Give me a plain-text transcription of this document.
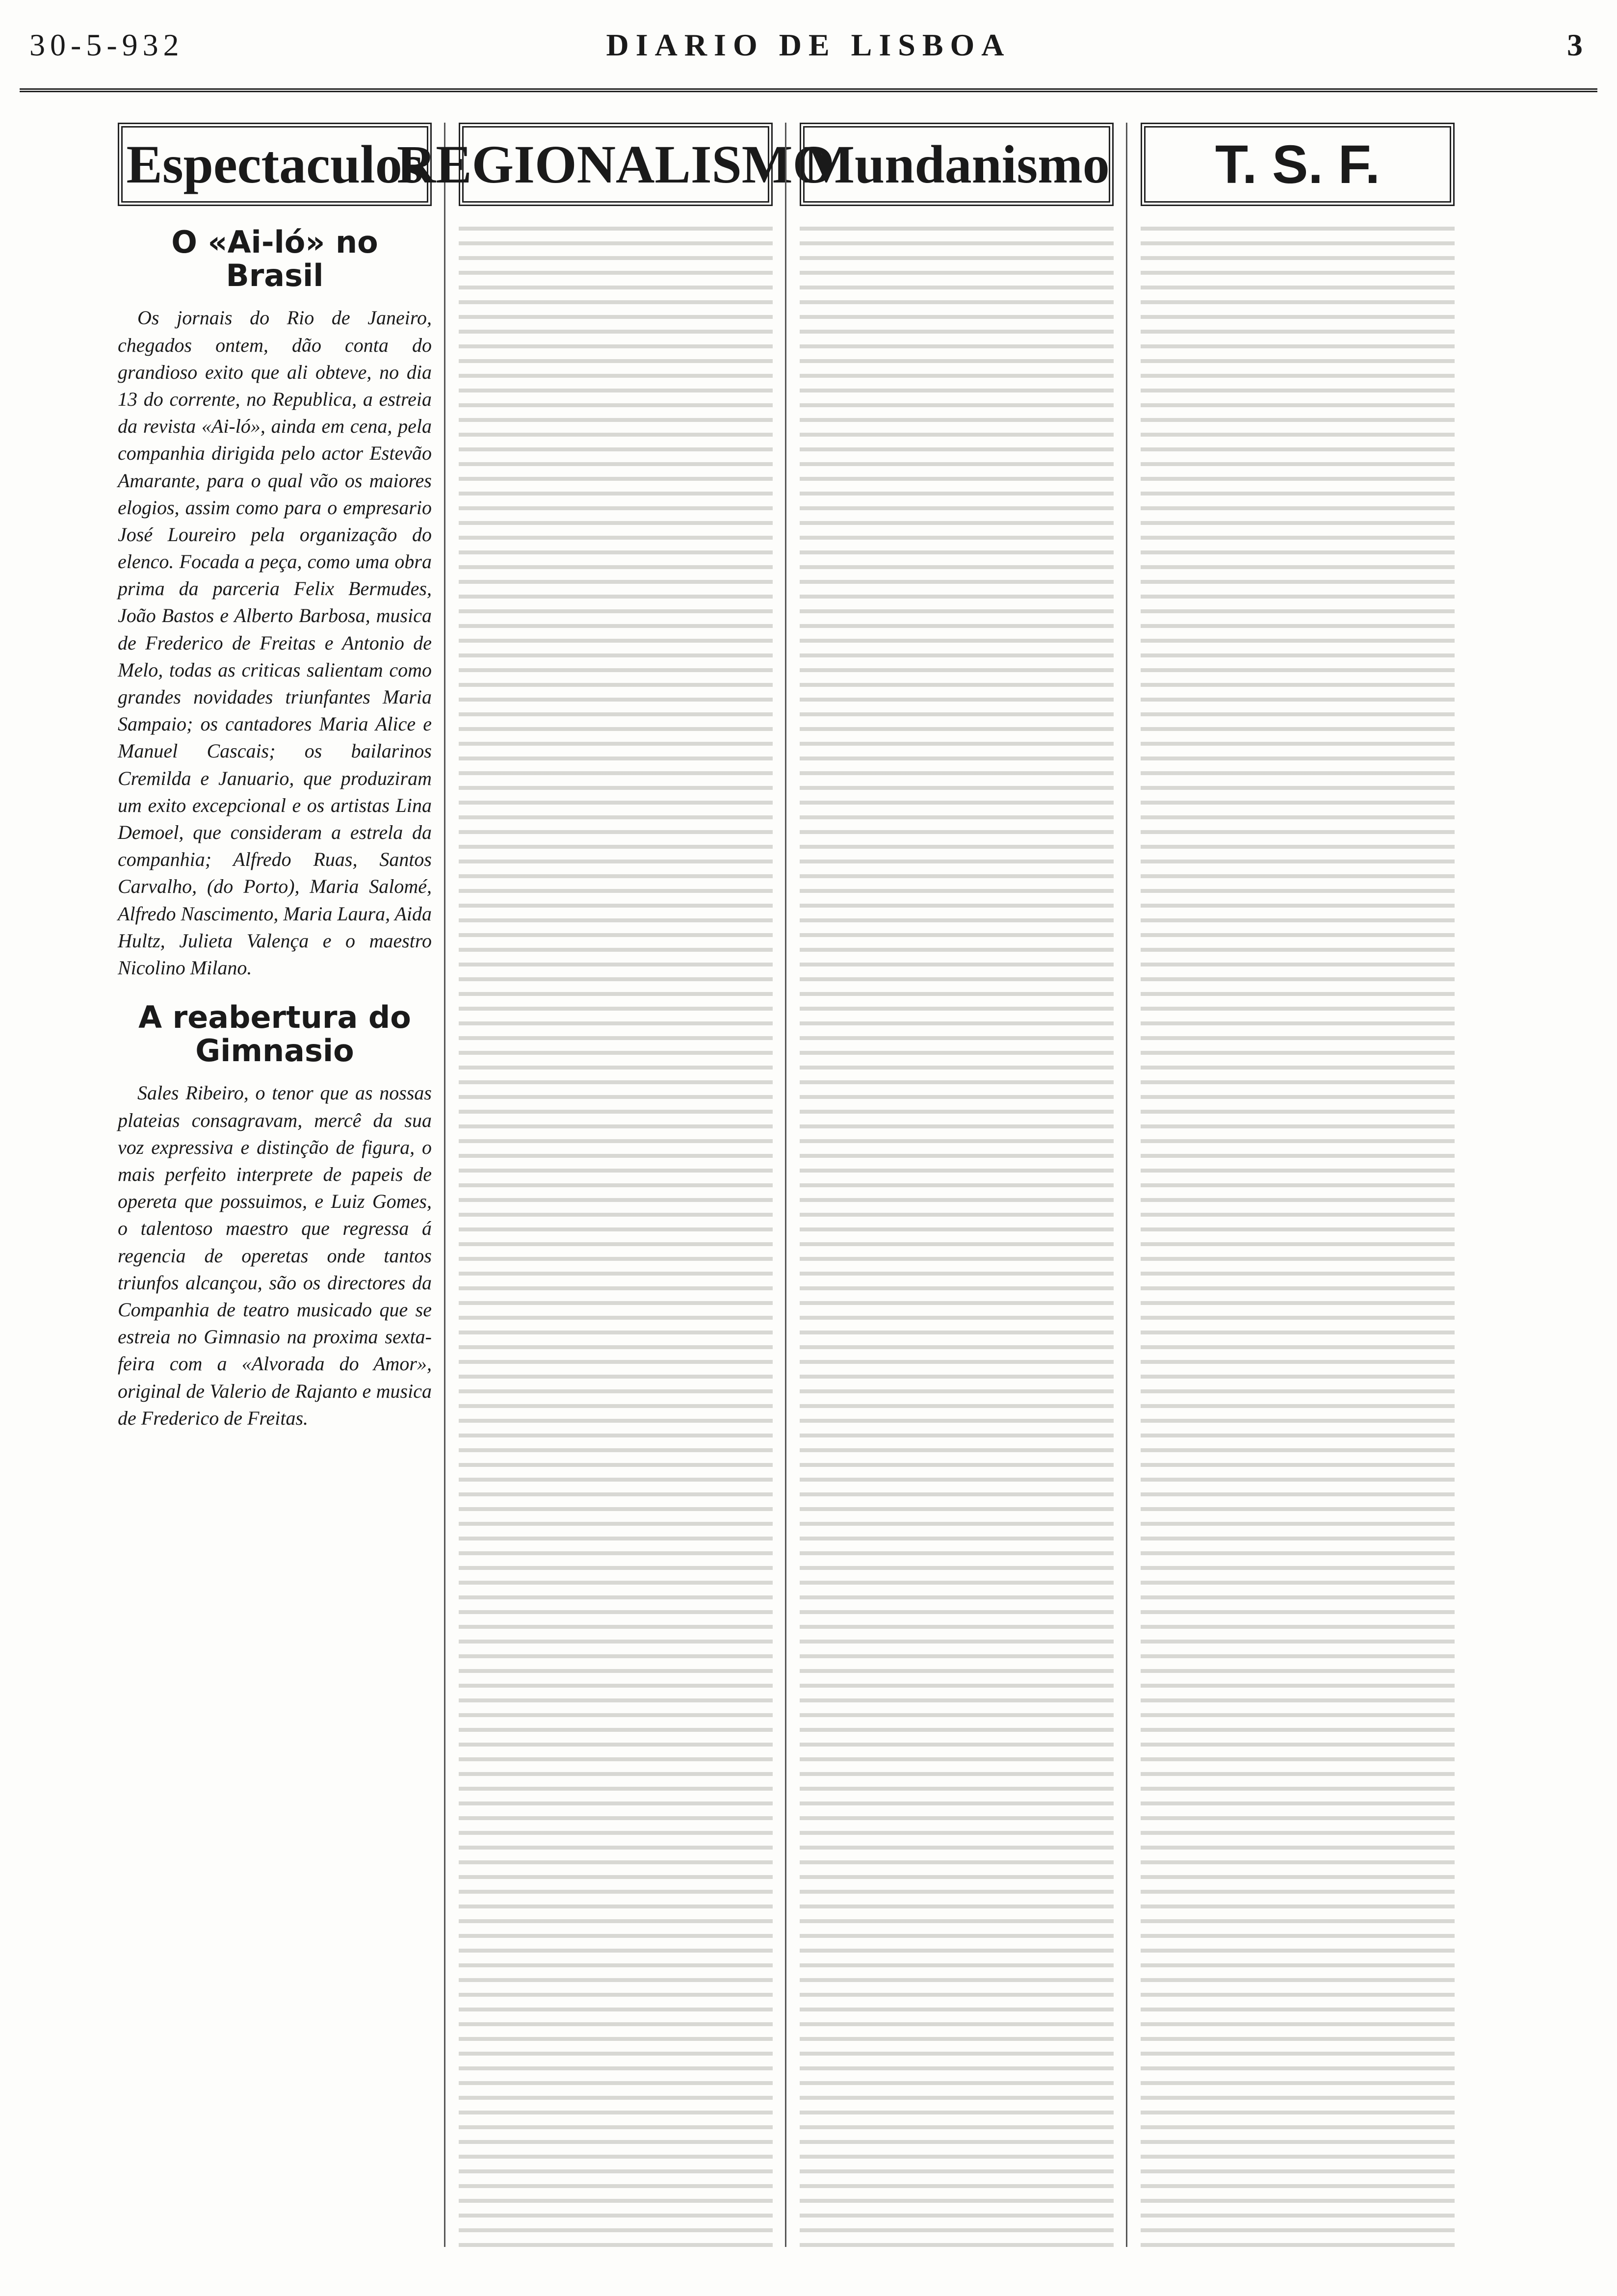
30-5-932	DIARIO DE LISBOA	3
Espectaculos
O «Ai-ló» no Brasil

Os jornais do Rio de Janeiro, chegados ontem, dão conta do grandioso exito que ali obteve, no dia 13 do corrente, no Republica, a estreia da revista «Ai-ló», ainda em cena, pela companhia dirigida pelo actor Estevão Amarante, para o qual vão os maiores elogios, assim como para o empresario José Loureiro pela organização do elenco. Focada a peça, como uma obra prima da parceria Felix Bermudes, João Bastos e Alberto Barbosa, musica de Frederico de Freitas e Antonio de Melo, todas as criticas salientam como grandes novidades triunfantes Maria Sampaio; os cantadores Maria Alice e Manuel Cascais; os bailarinos Cremilda e Januario, que produziram um exito excepcional e os artistas Lina Demoel, que consideram a estrela da companhia; Alfredo Ruas, Santos Carvalho, (do Porto), Maria Salomé, Alfredo Nascimento, Maria Laura, Aida Hultz, Julieta Valença e o maestro Nicolino Milano.

A reabertura do Gimnasio

Sales Ribeiro, o tenor que as nossas plateias consagravam, mercê da sua voz expressiva e distinção de figura, o mais perfeito interprete de papeis de opereta que possuimos, e Luiz Gomes, o talentoso maestro que regressa á regencia de operetas onde tantos triunfos alcançou, são os directores da Companhia de teatro musicado que se estreia no Gimnasio na proxima sexta-feira com a «Alvorada do Amor», original de Valerio de Rajanto e musica de Frederico de Freitas.

REGIONALISMO
Mundanismo	T. S. F.
